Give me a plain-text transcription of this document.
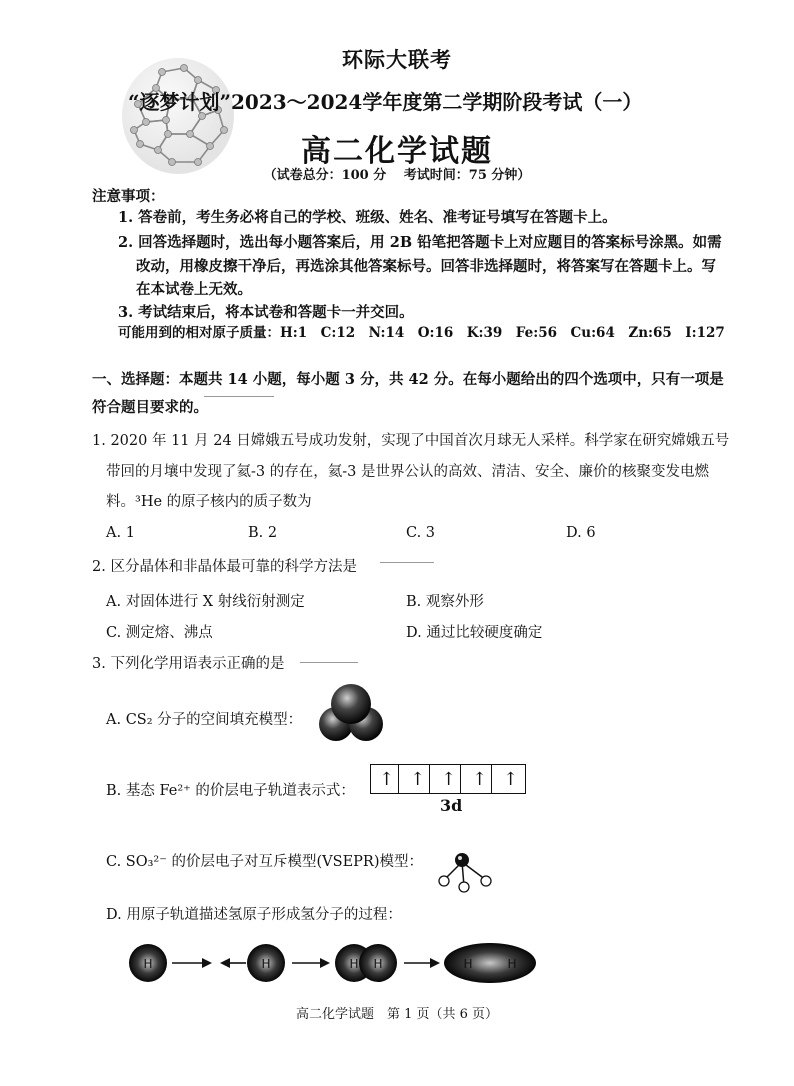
环际大联考
“逐梦计划”2023～2024学年度第二学期阶段考试（一）
高二化学试题
（试卷总分：100 分　 考试时间：75 分钟）
注意事项：
1. 答卷前，考生务必将自己的学校、班级、姓名、准考证号填写在答题卡上。
2. 回答选择题时，选出每小题答案后，用 2B 铅笔把答题卡上对应题目的答案标号涂黑。如需
改动，用橡皮擦干净后，再选涂其他答案标号。回答非选择题时，将答案写在答题卡上。写
在本试卷上无效。
3. 考试结束后，将本试卷和答题卡一并交回。
可能用到的相对原子质量：H:1　C:12　N:14　O:16　K:39　Fe:56　Cu:64　Zn:65　I:127
一、选择题：本题共 14 小题，每小题 3 分，共 42 分。在每小题给出的四个选项中，只有一项是
符合题目要求的。
1. 2020 年 11 月 24 日嫦娥五号成功发射，实现了中国首次月球无人采样。科学家在研究嫦娥五号
带回的月壤中发现了氦-3 的存在，氦-3 是世界公认的高效、清洁、安全、廉价的核聚变发电燃
料。³He 的原子核内的质子数为
A. 1	B. 2	C. 3	D. 6
2. 区分晶体和非晶体最可靠的科学方法是
A. 对固体进行 X 射线衍射测定	B. 观察外形
C. 测定熔、沸点	D. 通过比较硬度确定
3. 下列化学用语表示正确的是
A. CS₂ 分子的空间填充模型：
B. 基态 Fe²⁺ 的价层电子轨道表示式：
↑ ↑ ↑ ↑ ↑
3d
C. SO₃²⁻ 的价层电子对互斥模型(VSEPR)模型：
D. 用原子轨道描述氢原子形成氢分子的过程：
H	H	H H	H	H
高二化学试题　第 1 页（共 6 页）
